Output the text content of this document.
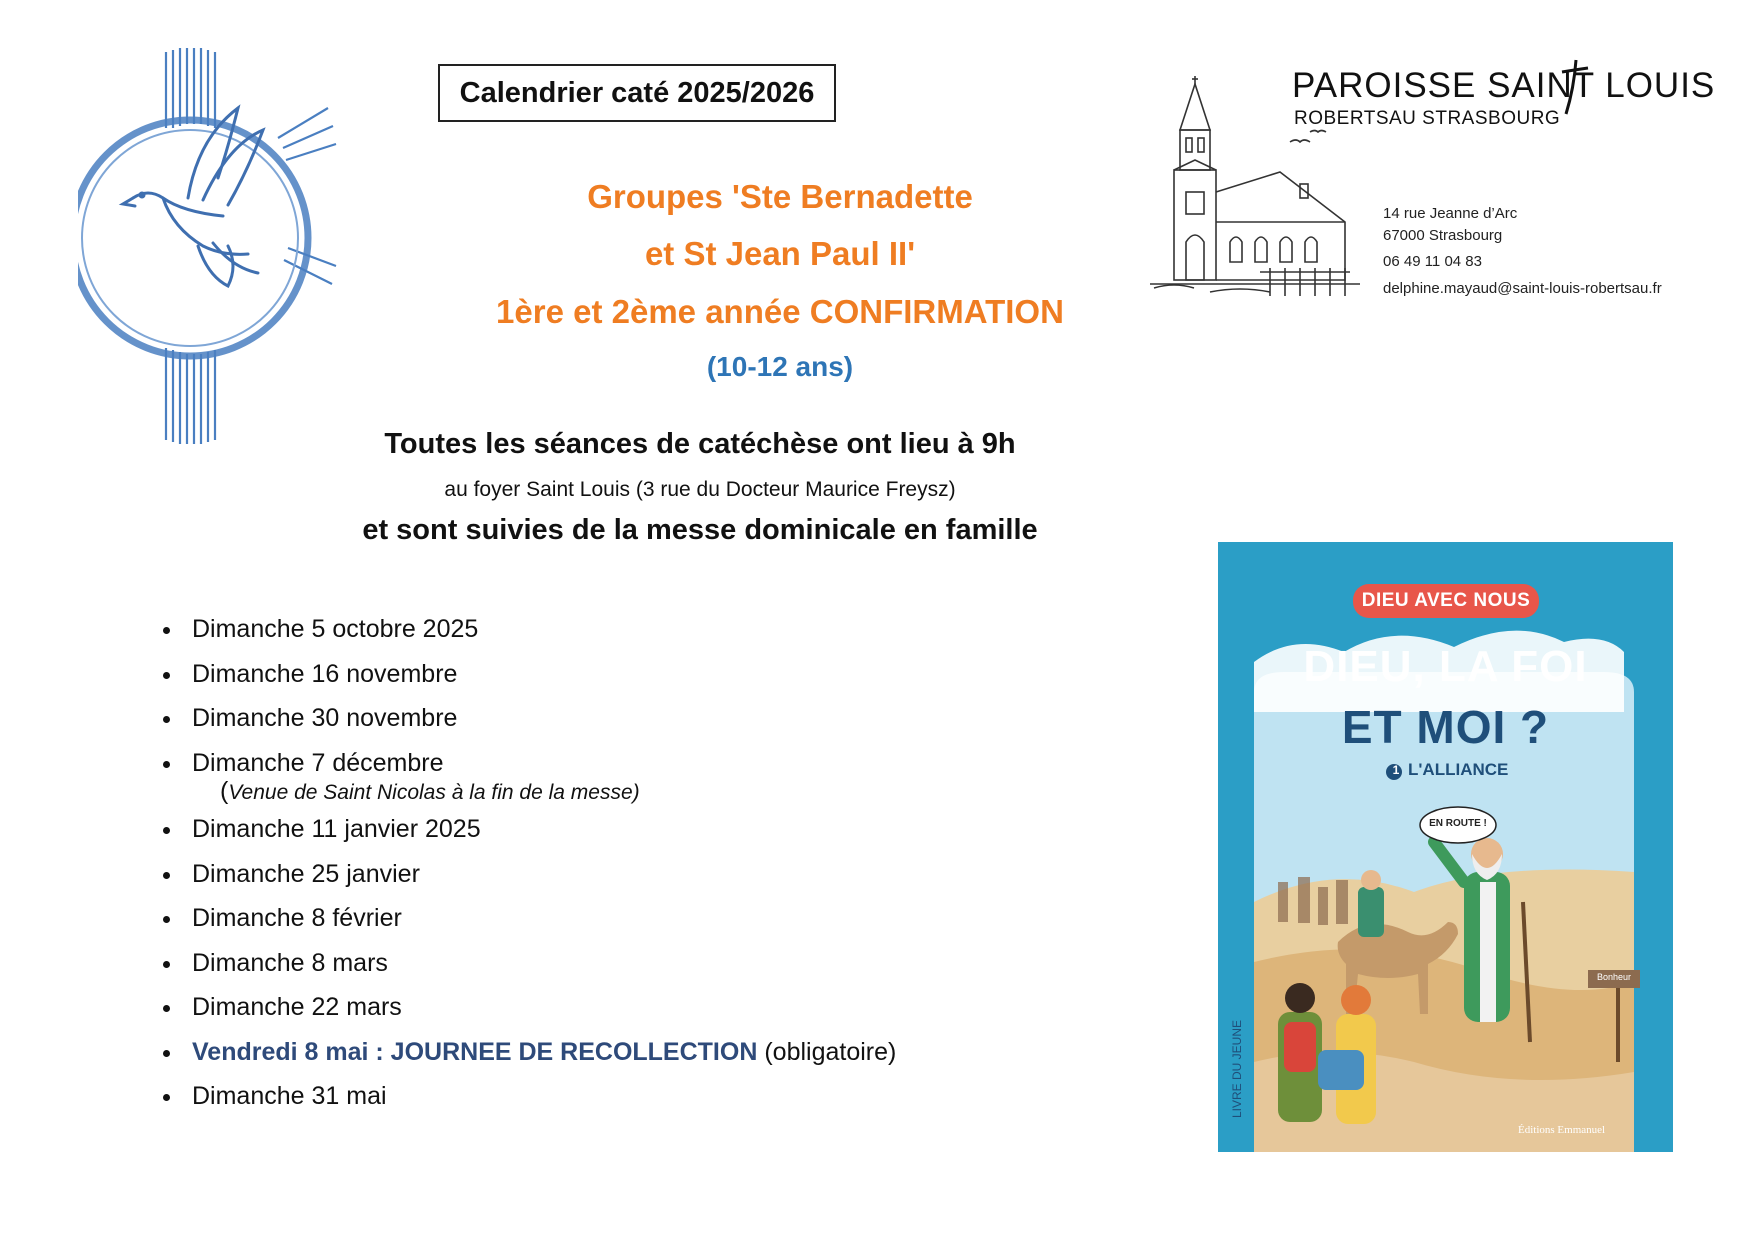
Calendrier caté 2025/2026
Groupes 'Ste Bernadette
et St Jean Paul II'
1ère et 2ème année CONFIRMATION
(10-12 ans)
Toutes les séances de catéchèse ont lieu à 9h
au foyer Saint Louis (3 rue du Docteur Maurice Freysz)
et sont suivies de la messe dominicale en famille
PAROISSE SAINT LOUIS
ROBERTSAU STRASBOURG
14 rue Jeanne d’Arc
67000 Strasbourg
06 49 11 04 83
delphine.mayaud@saint-louis-robertsau.fr
Dimanche 5 octobre 2025
Dimanche 16 novembre
Dimanche 30 novembre
Dimanche 7 décembre
(Venue de Saint Nicolas à la fin de la messe)
Dimanche 11 janvier 2025
Dimanche 25 janvier
Dimanche 8 février
Dimanche 8 mars
Dimanche 22 mars
Vendredi 8 mai : JOURNEE DE RECOLLECTION (obligatoire)
Dimanche 31 mai
DIEU AVEC NOUS
DIEU, LA FOI
ET MOI ?
1 L'ALLIANCE
EN ROUTE !
Bonheur
LIVRE DU JEUNE
Éditions Emmanuel
